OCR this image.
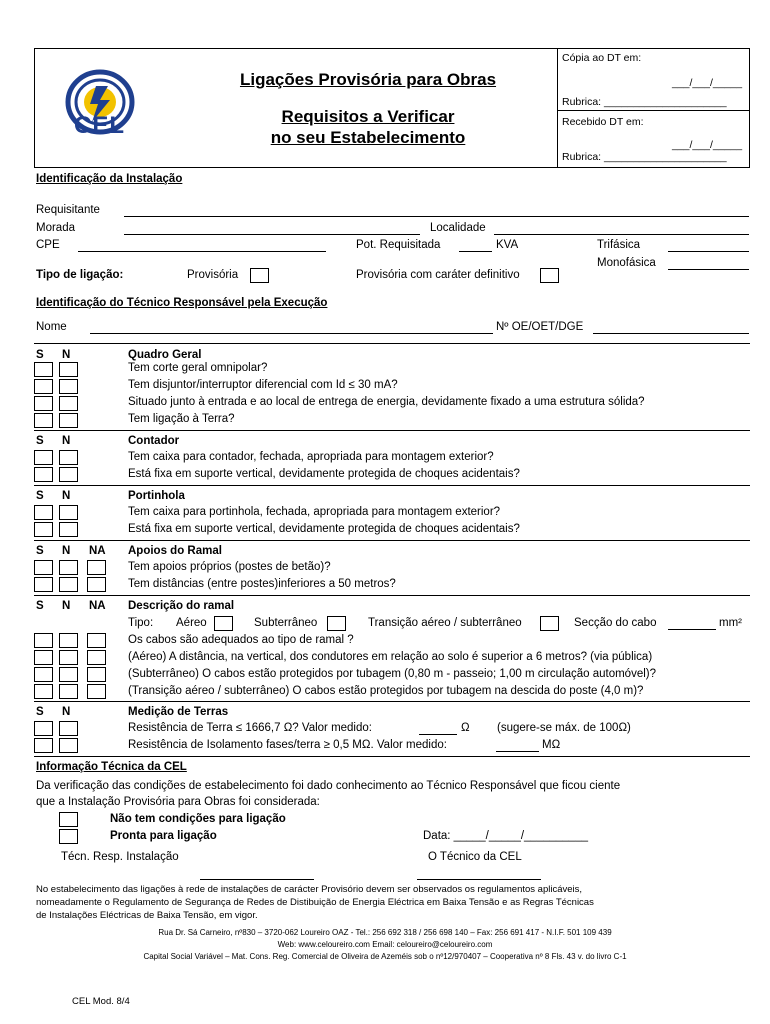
CEL
Ligações Provisória para Obras
Requisitos a Verificar
no seu Estabelecimento
Cópia ao DT em:
___/___/_____
Rubrica: _____________________
Recebido DT em:
___/___/_____
Rubrica: _____________________
Identificação da Instalação
Requisitante
Morada	Localidade
CPE	Pot. Requisitada	KVA	Trifásica
Monofásica
Tipo de ligação:	Provisória	Provisória com caráter definitivo
Identificação do Técnico Responsável pela Execução
Nome	Nº OE/OET/DGE
S N	Quadro Geral
Tem corte geral omnipolar?
Tem disjuntor/interruptor diferencial com Id ≤ 30 mA?
Situado junto à entrada e ao local de entrega de energia, devidamente fixado a uma estrutura sólida?
Tem ligação à Terra?
S N	Contador
Tem caixa para contador, fechada, apropriada para montagem exterior?
Está fixa em suporte vertical, devidamente protegida de choques acidentais?
S N	Portinhola
Tem caixa para portinhola, fechada, apropriada para montagem exterior?
Está fixa em suporte vertical, devidamente protegida de choques acidentais?
S N NA Apoios do Ramal
Tem apoios próprios (postes de betão)?
Tem distâncias (entre postes)inferiores a 50 metros?
S N NA Descrição do ramal
Tipo: Aéreo	Subterrâneo	Transição aéreo / subterrâneo	Secção do cabo	mm²
Os cabos são adequados ao tipo de ramal ?
(Aéreo) A distância, na vertical, dos condutores em relação ao solo é superior a 6 metros? (via pública)
(Subterrâneo) O cabos estão protegidos por tubagem (0,80 m - passeio; 1,00 m circulação automóvel)?
(Transição aéreo / subterrâneo) O cabos estão protegidos por tubagem na descida do poste (4,0 m)?
S N	Medição de Terras
Resistência de Terra ≤ 1666,7 Ω? Valor medido:	Ω (sugere-se máx. de 100Ω)
Resistência de Isolamento fases/terra ≥ 0,5 MΩ. Valor medido:	MΩ
Informação Técnica da CEL
Da verificação das condições de estabelecimento foi dado conhecimento ao Técnico Responsável que ficou ciente
que a Instalação Provisória para Obras foi considerada:
Não tem condições para ligação
Pronta para ligação	Data: _____/_____/__________
Técn. Resp. Instalação	O Técnico da CEL
No estabelecimento das ligações à rede de instalações de carácter Provisório devem ser observados os regulamentos aplicáveis,
nomeadamente o Regulamento de Segurança de Redes de Distibuição de Energia Eléctrica em Baixa Tensão e as Regras Técnicas
de Instalações Eléctricas de Baixa Tensão, em vigor.
Rua Dr. Sá Carneiro, nº830 – 3720-062 Loureiro OAZ - Tel.: 256 692 318 / 256 698 140 – Fax: 256 691 417 - N.I.F. 501 109 439
Web: www.celoureiro.com Email: celoureiro@celoureiro.com
Capital Social Variável – Mat. Cons. Reg. Comercial de Oliveira de Azeméis sob o nº12/970407 – Cooperativa nº 8 Fls. 43 v. do livro C-1
CEL Mod. 8/4
